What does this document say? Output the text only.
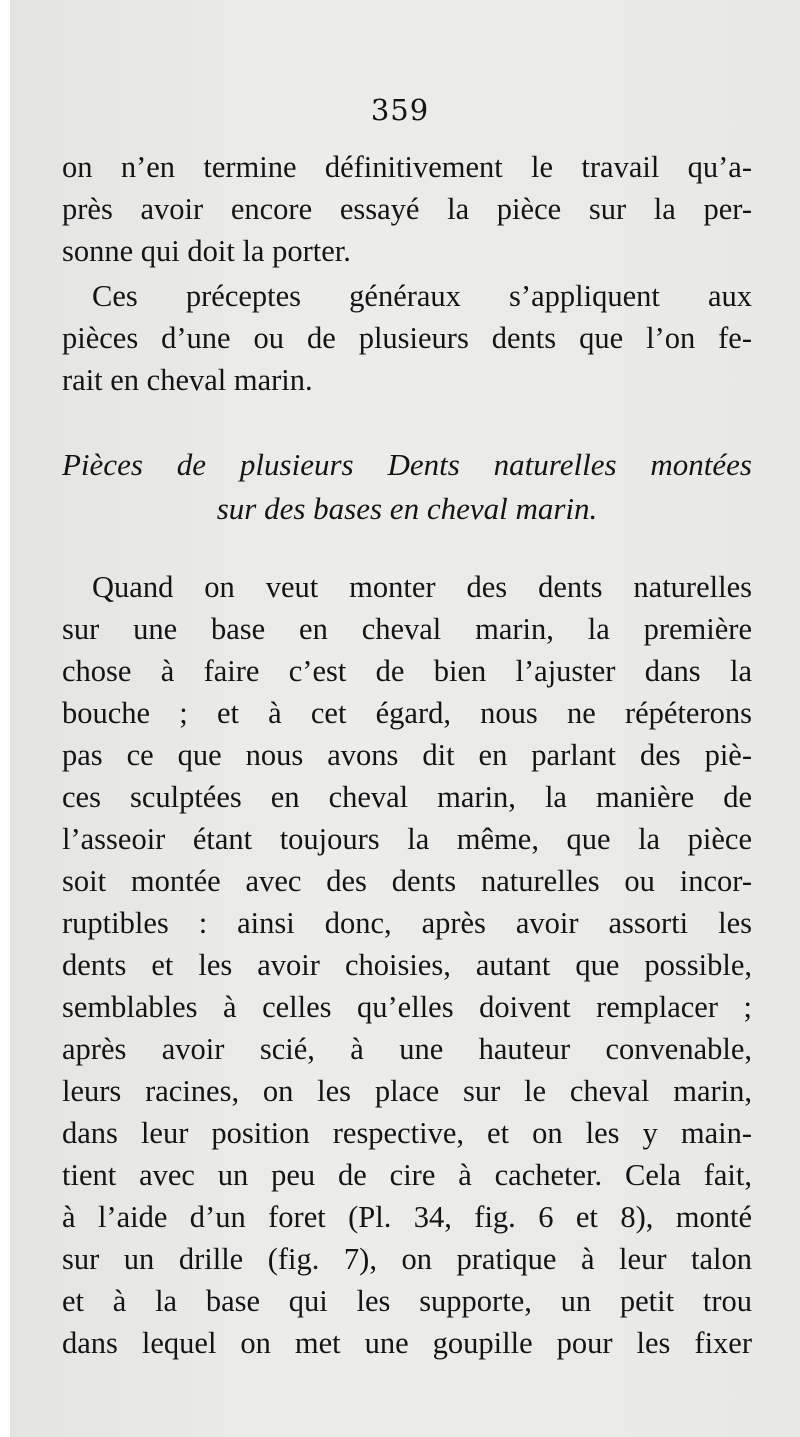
359
on n’en termine définitivement le travail qu’a-
près avoir encore essayé la pièce sur la per-
sonne qui doit la porter.
Ces préceptes généraux s’appliquent aux
pièces d’une ou de plusieurs dents que l’on fe-
rait en cheval marin.
Pièces de plusieurs Dents naturelles montées
sur des bases en cheval marin.
Quand on veut monter des dents naturelles
sur une base en cheval marin, la première
chose à faire c’est de bien l’ajuster dans la
bouche ; et à cet égard, nous ne répéterons
pas ce que nous avons dit en parlant des piè-
ces sculptées en cheval marin, la manière de
l’asseoir étant toujours la même, que la pièce
soit montée avec des dents naturelles ou incor-
ruptibles : ainsi donc, après avoir assorti les
dents et les avoir choisies, autant que possible,
semblables à celles qu’elles doivent remplacer ;
après avoir scié, à une hauteur convenable,
leurs racines, on les place sur le cheval marin,
dans leur position respective, et on les y main-
tient avec un peu de cire à cacheter. Cela fait,
à l’aide d’un foret (Pl. 34, fig. 6 et 8), monté
sur un drille (fig. 7), on pratique à leur talon
et à la base qui les supporte, un petit trou
dans lequel on met une goupille pour les fixer
